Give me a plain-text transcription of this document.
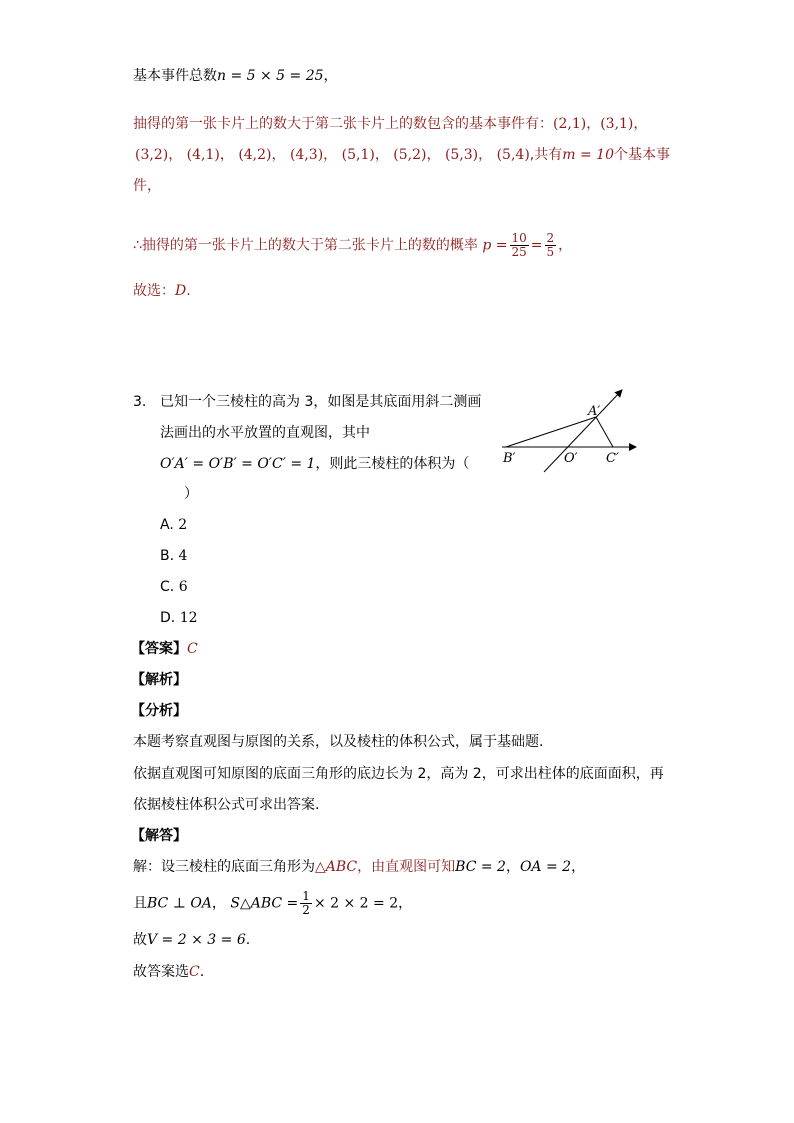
基本事件总数n = 5 × 5 = 25，
抽得的第一张卡片上的数大于第二张卡片上的数包含的基本事件有：(2,1)，(3,1)，
(3,2)， (4,1)， (4,2)， (4,3)， (5,1)， (5,2)， (5,3)， (5,4),共有m = 10个基本事
件，
∴抽得的第一张卡片上的数大于第二张卡片上的数的概率 $p = \frac{10}{25} = \frac{2}{5}$ ，
故选：D.
3. 已知一个三棱柱的高为 3，如图是其底面用斜二测画
法画出的水平放置的直观图，其中
O′A′ = O′B′ = O′C′ = 1，则此三棱柱的体积为（
）
A. 2
B. 4
C. 6
D. 12
A′
B′	O′ C′
【答案】C
【解析】
【分析】
本题考察直观图与原图的关系，以及棱柱的体积公式，属于基础题.
依据直观图可知原图的底面三角形的底边长为 2，高为 2，可求出柱体的底面面积，再
依据棱柱体积公式可求出答案.
【解答】
解：设三棱柱的底面三角形为△ABC，由直观图可知BC = 2，OA = 2，
且BC ⊥ OA， S△ABC = $\frac{1}{2} \times 2 \times 2 = 2$，
故V = 2 × 3 = 6.
故答案选C.
